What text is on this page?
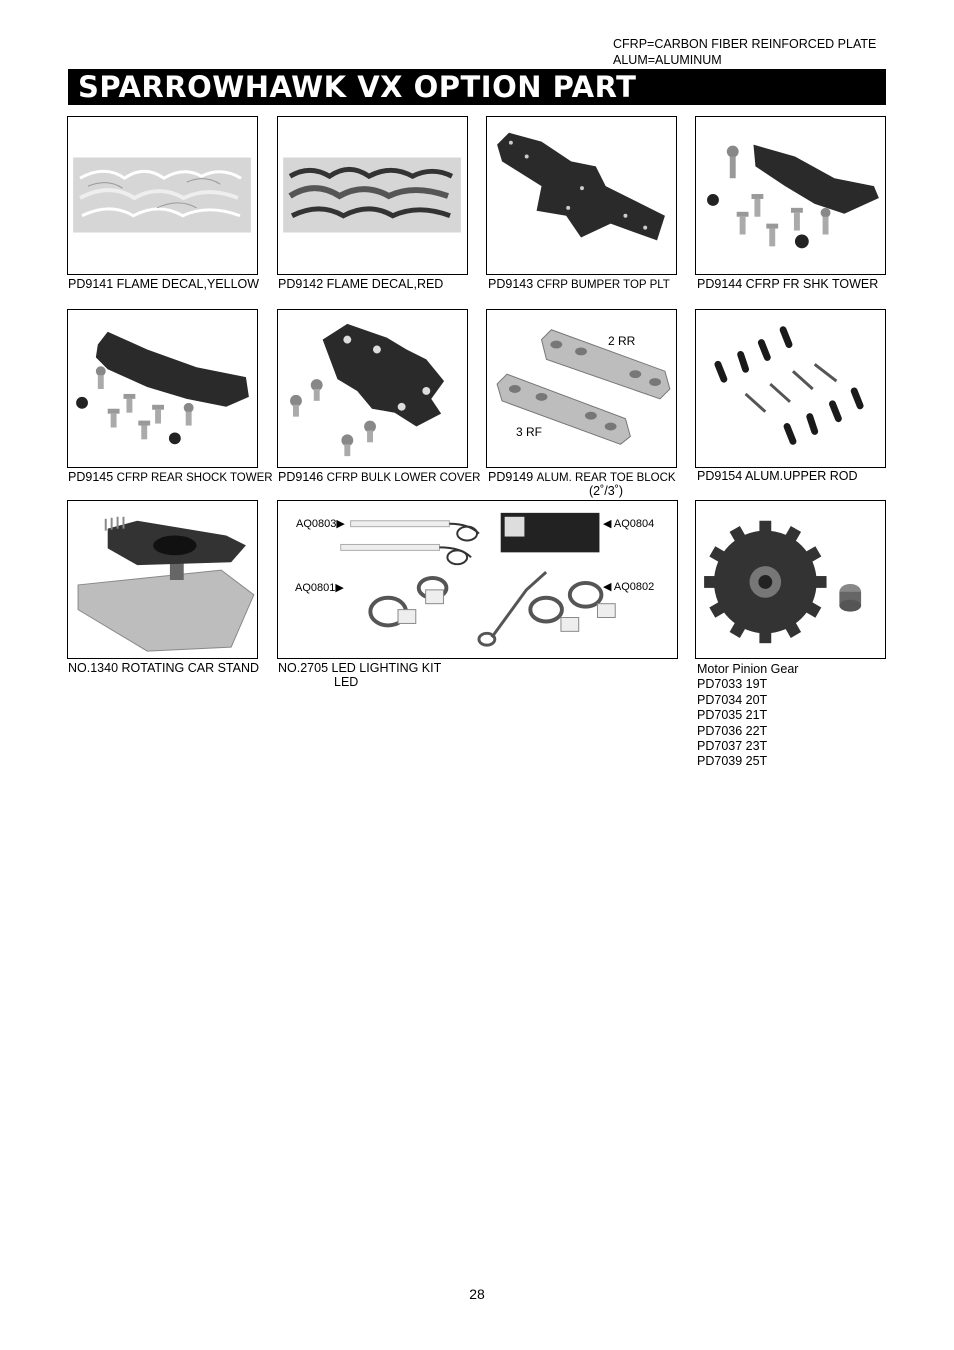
CFRP=CARBON FIBER REINFORCED PLATE
ALUM=ALUMINUM
SPARROWHAWK VX OPTION PART
PD9141 FLAME DECAL,YELLOW PD9142 FLAME DECAL,RED	PD9143 CFRP BUMPER TOP PLT PD9144 CFRP FR SHK TOWER
PD9145 CFRP REAR SHOCK TOWER PD9146 CFRP BULK LOWER COVER
2 RR
3 RF
PD9149 ALUM. REAR TOE BLOCK
(2˚/3˚)
PD9154 ALUM.UPPER ROD
NO.1340 ROTATING CAR STAND
AQ0803▶	◀ AQ0804
AQ0801▶	◀ AQ0802
NO.2705 LED LIGHTING KIT
LED
Motor Pinion Gear
PD7033 19T
PD7034 20T
PD7035 21T
PD7036 22T
PD7037 23T
PD7039 25T
28
